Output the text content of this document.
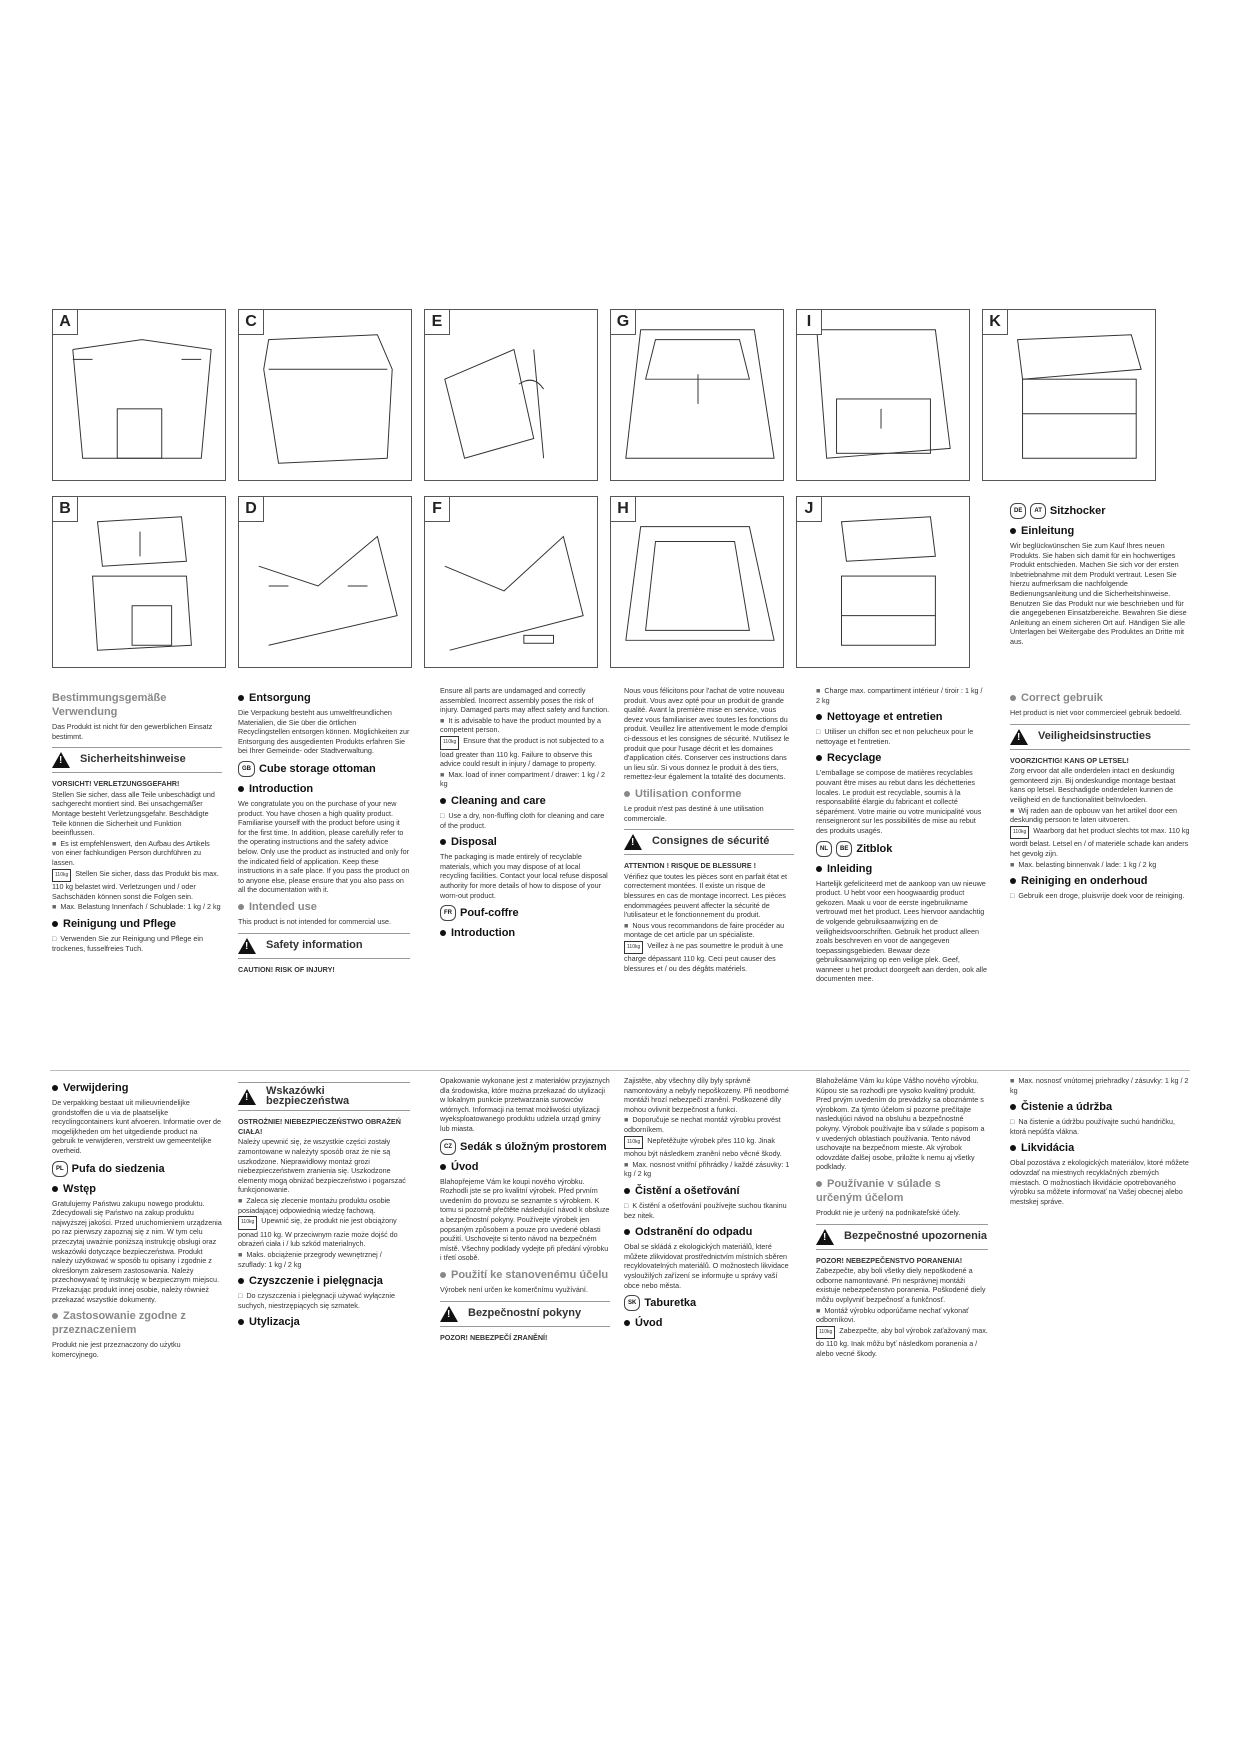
A	C	E	G	I	K
B	D	F	H	J	DE AT Sitzhocker
Einleitung

Wir beglückwünschen Sie zum Kauf Ihres neuen Produkts. Sie haben sich damit für ein hochwertiges Produkt entschieden. Machen Sie sich vor der ersten Inbetriebnahme mit dem Produkt vertraut. Lesen Sie hierzu aufmerksam die nachfolgende Bedienungsanleitung und die Sicherheitshinweise. Benutzen Sie das Produkt nur wie beschrieben und für die angegebenen Einsatzbereiche. Bewahren Sie diese Anleitung an einem sicheren Ort auf. Händigen Sie alle Unterlagen bei Weitergabe des Produktes an Dritte mit aus.

Bestimmungsgemäße Verwendung

Das Produkt ist nicht für den gewerblichen Einsatz bestimmt.

!
Sicherheitshinweise

VORSICHT! VERLETZUNGSGEFAHR!

Stellen Sie sicher, dass alle Teile unbeschädigt und sachgerecht montiert sind. Bei unsachgemäßer Montage besteht Verletzungsgefahr. Beschädigte Teile können die Sicherheit und Funktion beeinflussen.

■ Es ist empfehlenswert, den Aufbau des Artikels von einer fachkundigen Person durchführen zu lassen.

110kg Stellen Sie sicher, dass das Produkt bis max. 110 kg belastet wird. Verletzungen und / oder Sachschäden können sonst die Folgen sein.

■ Max. Belastung Innenfach / Schublade: 1 kg / 2 kg

Reinigung und Pflege

□ Verwenden Sie zur Reinigung und Pflege ein trockenes, fusselfreies Tuch.

Entsorgung

Die Verpackung besteht aus umweltfreundlichen Materialien, die Sie über die örtlichen Recyclingstellen entsorgen können. Möglichkeiten zur Entsorgung des ausgedienten Produkts erfahren Sie bei Ihrer Gemeinde- oder Stadtverwaltung.

GB Cube storage ottoman
Introduction

We congratulate you on the purchase of your new product. You have chosen a high quality product. Familiarise yourself with the product before using it for the first time. In addition, please carefully refer to the operating instructions and the safety advice below. Only use the product as instructed and only for the indicated field of application. Keep these instructions in a safe place. If you pass the product on to anyone else, please ensure that you also pass on all the documentation with it.

Intended use

This product is not intended for commercial use.

!
Safety information

CAUTION! RISK OF INJURY!

Ensure all parts are undamaged and correctly assembled. Incorrect assembly poses the risk of injury. Damaged parts may affect safety and function.

■ It is advisable to have the product mounted by a competent person.

110kg Ensure that the product is not subjected to a load greater than 110 kg. Failure to observe this advice could result in injury / damage to property.

■ Max. load of inner compartment / drawer: 1 kg / 2 kg

Cleaning and care

□ Use a dry, non-fluffing cloth for cleaning and care of the product.

Disposal

The packaging is made entirely of recyclable materials, which you may dispose of at local recycling facilities. Contact your local refuse disposal authority for more details of how to dispose of your worn-out product.

FR Pouf-coffre
Introduction

Nous vous félicitons pour l'achat de votre nouveau produit. Vous avez opté pour un produit de grande qualité. Avant la première mise en service, vous devez vous familiariser avec toutes les fonctions du produit. Veuillez lire attentivement le mode d'emploi ci-dessous et les consignes de sécurité. N'utilisez le produit que pour l'usage décrit et les domaines d'application cités. Conserver ces instructions dans un lieu sûr. Si vous donnez le produit à des tiers, remettez-leur également la totalité des documents.

Utilisation conforme

Le produit n'est pas destiné à une utilisation commerciale.

!
Consignes de sécurité

ATTENTION ! RISQUE DE BLESSURE !

Vérifiez que toutes les pièces sont en parfait état et correctement montées. Il existe un risque de blessures en cas de montage incorrect. Les pièces endommagées peuvent affecter la sécurité de l'utilisateur et le fonctionnement du produit.

■ Nous vous recommandons de faire procéder au montage de cet article par un spécialiste.

110kg Veillez à ne pas soumettre le produit à une charge dépassant 110 kg. Ceci peut causer des blessures et / ou des dégâts matériels.

■ Charge max. compartiment intérieur / tiroir : 1 kg / 2 kg

Nettoyage et entretien

□ Utiliser un chiffon sec et non pelucheux pour le nettoyage et l'entretien.

Recyclage

L'emballage se compose de matières recyclables pouvant être mises au rebut dans les déchetteries locales. Le produit est recyclable, soumis à la responsabilité élargie du fabricant et collecté séparément. Votre mairie ou votre municipalité vous renseigneront sur les possibilités de mise au rebut des produits usagés.

NL BE Zitblok
Inleiding

Hartelijk gefeliciteerd met de aankoop van uw nieuwe product. U hebt voor een hoogwaardig product gekozen. Maak u voor de eerste ingebruikname vertrouwd met het product. Lees hiervoor aandachtig de volgende gebruiksaanwijzing en de veiligheidsvoorschriften. Gebruik het product alleen zoals beschreven en voor de aangegeven toepassingsgebieden. Bewaar deze gebruiksaanwijzing op een veilige plek. Geef, wanneer u het product doorgeeft aan derden, ook alle documenten mee.

Correct gebruik

Het product is niet voor commercieel gebruik bedoeld.

!
Veiligheidsinstructies

VOORZICHTIG! KANS OP LETSEL!

Zorg ervoor dat alle onderdelen intact en deskundig gemonteerd zijn. Bij ondeskundige montage bestaat kans op letsel. Beschadigde onderdelen kunnen de veiligheid en de functionaliteit beïnvloeden.

■ Wij raden aan de opbouw van het artikel door een deskundig persoon te laten uitvoeren.

110kg Waarborg dat het product slechts tot max. 110 kg wordt belast. Letsel en / of materiële schade kan anders het gevolg zijn.

■ Max. belasting binnenvak / lade: 1 kg / 2 kg

Reiniging en onderhoud

□ Gebruik een droge, pluisvrije doek voor de reiniging.

Verwijdering

De verpakking bestaat uit milieuvriendelijke grondstoffen die u via de plaatselijke recyclingcontainers kunt afvoeren. Informatie over de mogelijkheden om het uitgediende product na gebruik te verwijderen, verstrekt uw gemeentelijke overheid.

PL Pufa do siedzenia
Wstęp

Gratulujemy Państwu zakupu nowego produktu. Zdecydowali się Państwo na zakup produktu najwyższej jakości. Przed uruchomieniem urządzenia po raz pierwszy zapoznaj się z nim. W tym celu przeczytaj uważnie poniższą instrukcję obsługi oraz wskazówki dotyczące bezpieczeństwa. Produkt należy użytkować w sposób tu opisany i zgodnie z określonym zakresem zastosowania. Należy przechowywać tę instrukcję w bezpiecznym miejscu. Przekazując produkt innej osobie, należy również przekazać wszystkie dokumenty.

Zastosowanie zgodne z przeznaczeniem

Produkt nie jest przeznaczony do użytku komercyjnego.

!
Wskazówki bezpieczeństwa

OSTROŻNIE! NIEBEZPIECZEŃSTWO OBRAŻEŃ CIAŁA!

Należy upewnić się, że wszystkie części zostały zamontowane w należyty sposób oraz że nie są uszkodzone. Nieprawidłowy montaż grozi niebezpieczeństwem zranienia się. Uszkodzone elementy mogą obniżać bezpieczeństwo i pogarszać funkcjonowanie.

■ Zaleca się zlecenie montażu produktu osobie posiadającej odpowiednią wiedzę fachową.

110kg Upewnić się, że produkt nie jest obciążony ponad 110 kg. W przeciwnym razie może dojść do obrażeń ciała i / lub szkód materialnych.

■ Maks. obciążenie przegrody wewnętrznej / szuflady: 1 kg / 2 kg

Czyszczenie i pielęgnacja

□ Do czyszczenia i pielęgnacji używać wyłącznie suchych, niestrzępiących się szmatek.

Utylizacja

Opakowanie wykonane jest z materiałów przyjaznych dla środowiska, które można przekazać do utylizacji w lokalnym punkcie przetwarzania surowców wtórnych. Informacji na temat możliwości utylizacji wyeksploatowanego produktu udziela urząd gminy lub miasta.

CZ Sedák s úložným prostorem
Úvod

Blahopřejeme Vám ke koupi nového výrobku. Rozhodli jste se pro kvalitní výrobek. Před prvním uvedením do provozu se seznamte s výrobkem. K tomu si pozorně přečtěte následující návod k obsluze a bezpečnostní pokyny. Používejte výrobek jen popsaným způsobem a pouze pro uvedené oblasti použití. Uschovejte si tento návod na bezpečném místě. Všechny podklady vydejte při předání výrobku i třetí osobě.

Použití ke stanovenému účelu

Výrobek není určen ke komerčnímu využívání.

!
Bezpečnostní pokyny

POZOR! NEBEZPEČÍ ZRANĚNÍ!

Zajistěte, aby všechny díly byly správně namontovány a nebyly nepoškozeny. Při neodborné montáži hrozí nebezpečí zranění. Poškozené díly mohou ovlivnit bezpečnost a funkci.

■ Doporučuje se nechat montáž výrobku provést odborníkem.

110kg Nepřetěžujte výrobek přes 110 kg. Jinak mohou být následkem zranění nebo věcné škody.

■ Max. nosnost vnitřní přihrádky / každé zásuvky: 1 kg / 2 kg

Čistění a ošetřování

□ K čistění a ošetřování používejte suchou tkaninu bez nitek.

Odstranění do odpadu

Obal se skládá z ekologických materiálů, které můžete zlikvidovat prostřednictvím místních sběren recyklovatelných materiálů. O možnostech likvidace vysloužilých zařízení se informujte u správy vaší obce nebo města.

SK Taburetka
Úvod

Blahoželáme Vám ku kúpe Vášho nového výrobku. Kúpou ste sa rozhodli pre vysoko kvalitný produkt. Pred prvým uvedením do prevádzky sa oboznámte s výrobkom. Za týmto účelom si pozorne prečítajte nasledujúci návod na obsluhu a bezpečnostné pokyny. Výrobok používajte iba v súlade s popisom a v uvedených oblastiach používania. Tento návod uschovajte na bezpečnom mieste. Ak výrobok odovzdáte ďalšej osobe, priložte k nemu aj všetky podklady.

Používanie v súlade s určeným účelom

Produkt nie je určený na podnikateľské účely.

!
Bezpečnostné upozornenia

POZOR! NEBEZPEČENSTVO PORANENIA!

Zabezpečte, aby boli všetky diely nepoškodené a odborne namontované. Pri nesprávnej montáži existuje nebezpečenstvo poranenia. Poškodené diely môžu ovplyvniť bezpečnosť a funkčnosť.

■ Montáž výrobku odporúčame nechať vykonať odborníkovi.

110kg Zabezpečte, aby bol výrobok zaťažovaný max. do 110 kg. Inak môžu byť následkom poranenia a / alebo vecné škody.

■ Max. nosnosť vnútornej priehradky / zásuvky: 1 kg / 2 kg

Čistenie a údržba

□ Na čistenie a údržbu používajte suchú handričku, ktorá nepúšťa vlákna.

Likvidácia

Obal pozostáva z ekologických materiálov, ktoré môžete odovzdať na miestnych recyklačných zberných miestach. O možnostiach likvidácie opotrebovaného výrobku sa môžete informovať na Vašej obecnej alebo mestskej správe.
